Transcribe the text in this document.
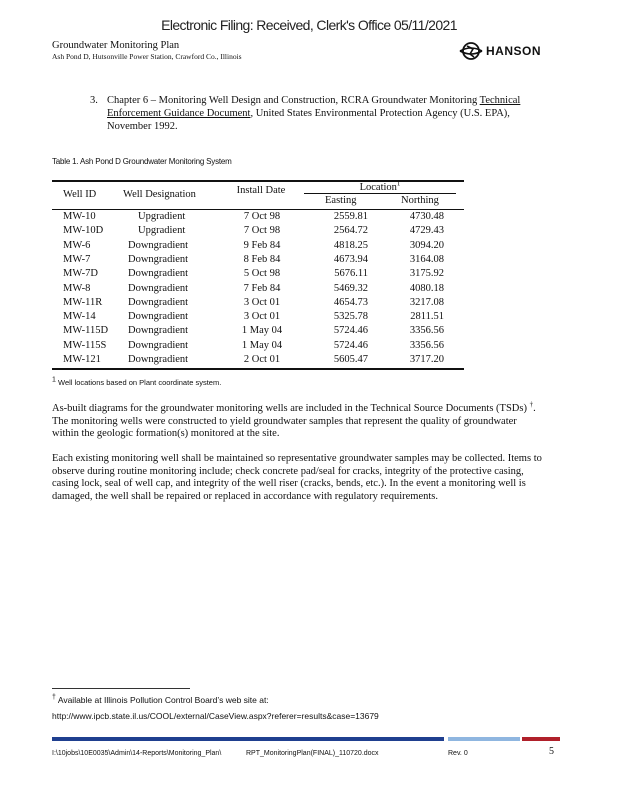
Electronic Filing: Received, Clerk's Office 05/11/2021
Groundwater Monitoring Plan
Ash Pond D, Hutsonville Power Station, Crawford Co., Illinois	HANSON
3. Chapter 6 – Monitoring Well Design and Construction, RCRA Groundwater Monitoring Technical Enforcement Guidance Document, United States Environmental Protection Agency (U.S. EPA), November 1992.
Table 1. Ash Pond D Groundwater Monitoring System
Well ID	Well Designation	Install Date	Location$^1$
Easting	Northing
MW-10	Upgradient	7 Oct 98	2559.81	4730.48
MW-10D	Upgradient	7 Oct 98	2564.72	4729.43
MW-6	Downgradient	9 Feb 84	4818.25	3094.20
MW-7	Downgradient	8 Feb 84	4673.94	3164.08
MW-7D	Downgradient	5 Oct 98	5676.11	3175.92
MW-8	Downgradient	7 Feb 84	5469.32	4080.18
MW-11R Downgradient	3 Oct 01	4654.73	3217.08
MW-14	Downgradient	3 Oct 01	5325.78	2811.51
MW-115D Downgradient	1 May 04	5724.46	3356.56
MW-115S Downgradient	1 May 04	5724.46	3356.56
MW-121	Downgradient	2 Oct 01	5605.47	3717.20
$^1$ Well locations based on Plant coordinate system.
As-built diagrams for the groundwater monitoring wells are included in the Technical Source Documents (TSDs) †. The monitoring wells were constructed to yield groundwater samples that represent the quality of groundwater within the geologic formation(s) monitored at the site.
Each existing monitoring well shall be maintained so representative groundwater samples may be collected. Items to observe during routine monitoring include; check concrete pad/seal for cracks, integrity of the protective casing, casing lock, seal of well cap, and integrity of the well riser (cracks, bends, etc.). In the event a monitoring well is damaged, the well shall be repaired or replaced in accordance with regulatory requirements.
† Available at Illinois Pollution Control Board’s web site at:
http://www.ipcb.state.il.us/COOL/external/CaseView.aspx?referer=results&case=13679
I:\10jobs\10E0035\Admin\14-Reports\Monitoring_Plan\	RPT_MonitoringPlan(FINAL)_110720.docx	Rev. 0	5
